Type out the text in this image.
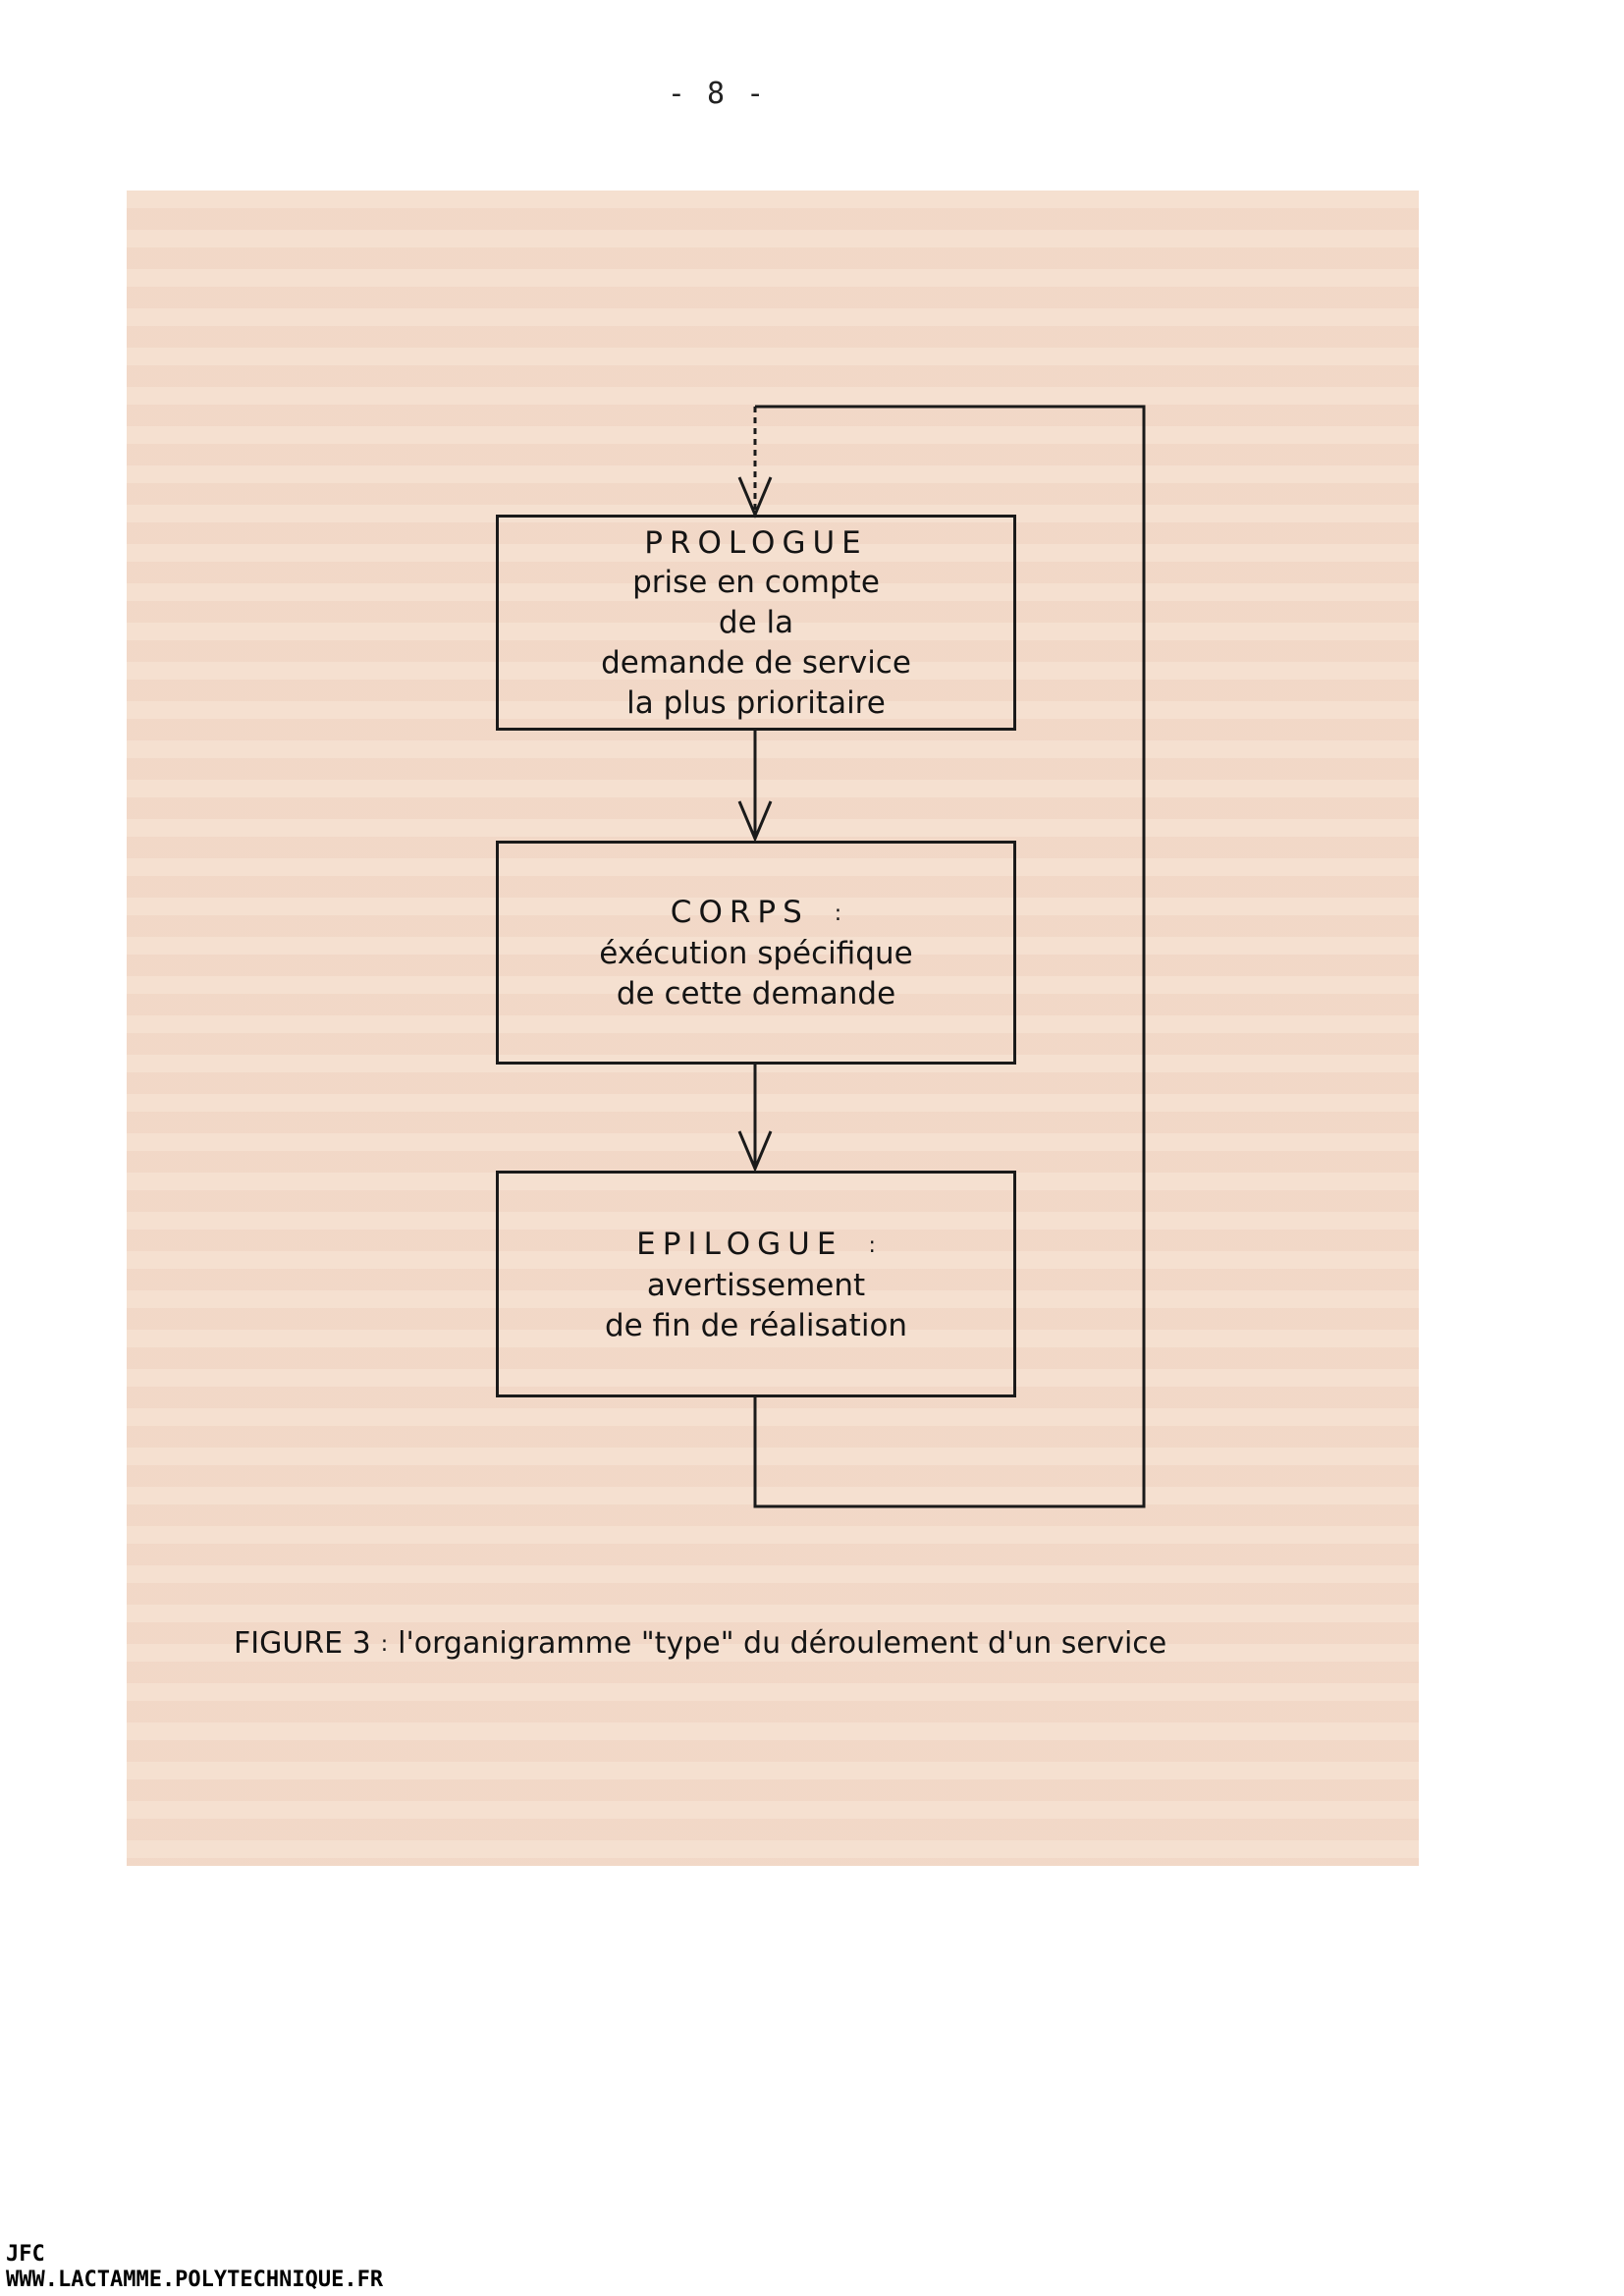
- 8 -
PROLOGUE
prise en compte
de la
demande de service
la plus prioritaire
CORPS :
éxécution spécifique
de cette demande
EPILOGUE :
avertissement
de fin de réalisation
FIGURE 3 : l'organigramme "type" du déroulement d'un service
JFC
WWW.LACTAMME.POLYTECHNIQUE.FR
